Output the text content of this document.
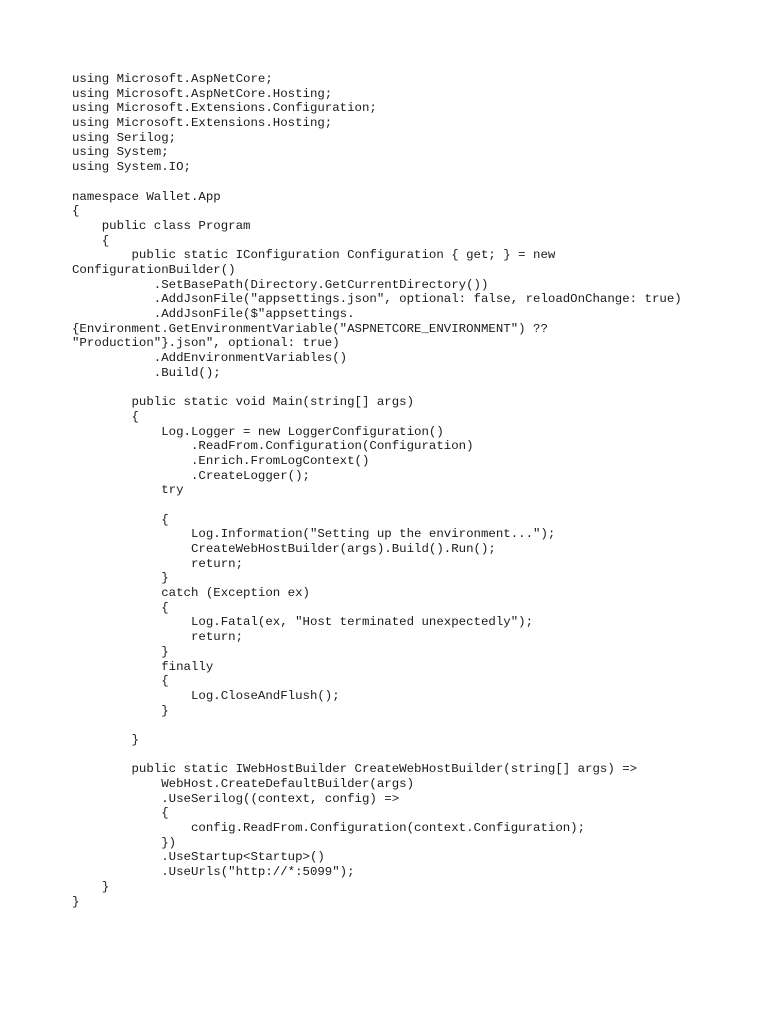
using Microsoft.AspNetCore;
using Microsoft.AspNetCore.Hosting;
using Microsoft.Extensions.Configuration;
using Microsoft.Extensions.Hosting;
using Serilog;
using System;
using System.IO;
namespace Wallet.App
{
public class Program
{
public static IConfiguration Configuration { get; } = new
ConfigurationBuilder()
.SetBasePath(Directory.GetCurrentDirectory())
.AddJsonFile("appsettings.json", optional: false, reloadOnChange: true)
.AddJsonFile($"appsettings.
{Environment.GetEnvironmentVariable("ASPNETCORE_ENVIRONMENT") ??
"Production"}.json", optional: true)
.AddEnvironmentVariables()
.Build();
public static void Main(string[] args)
{
Log.Logger = new LoggerConfiguration()
.ReadFrom.Configuration(Configuration)
.Enrich.FromLogContext()
.CreateLogger();
try
{
Log.Information("Setting up the environment...");
CreateWebHostBuilder(args).Build().Run();
return;
}
catch (Exception ex)
{
Log.Fatal(ex, "Host terminated unexpectedly");
return;
}
finally
{
Log.CloseAndFlush();
}
}
public static IWebHostBuilder CreateWebHostBuilder(string[] args) =>
WebHost.CreateDefaultBuilder(args)
.UseSerilog((context, config) =>
{
config.ReadFrom.Configuration(context.Configuration);
})
.UseStartup<Startup>()
.UseUrls("http://*:5099");
}
}
